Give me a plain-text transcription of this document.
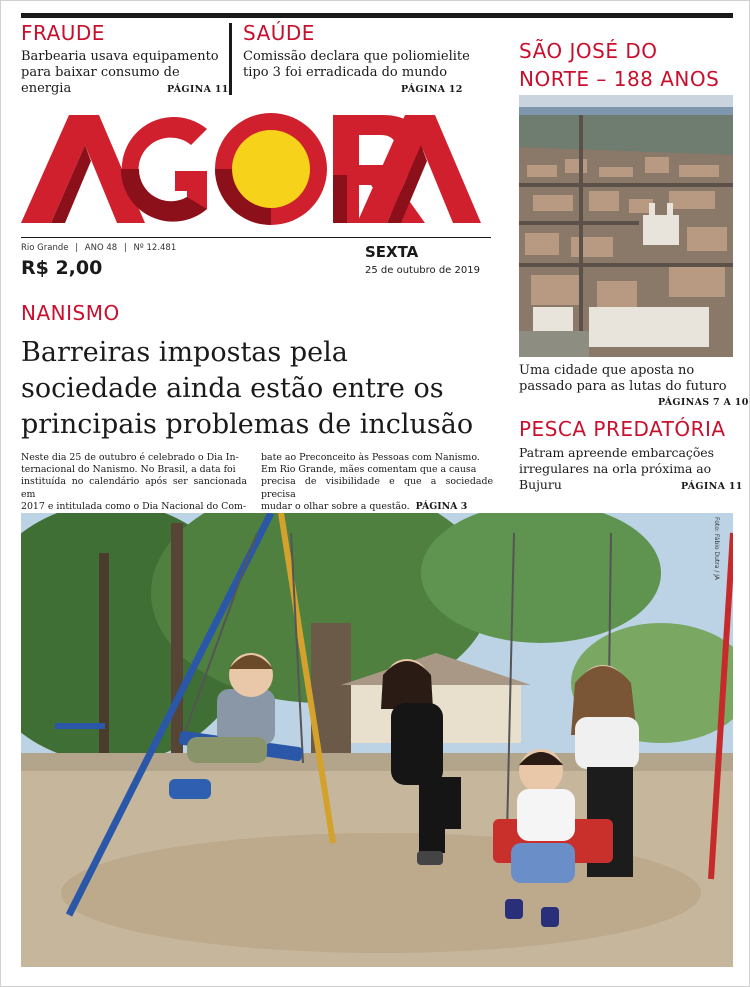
FRAUDE
Barbearia usava equipamento
para baixar consumo de energia	PÁGINA 11
SAÚDE
Comissão declara que poliomielite
tipo 3 foi erradicada do mundo
PÁGINA 12
Rio Grande | ANO 48 | Nº 12.481
R$ 2,00
SEXTA
25 de outubro de 2019
SÃO JOSÉ DO
NORTE – 188 ANOS
Uma cidade que aposta no
passado para as lutas do futuro
PÁGINAS 7 A 10
PESCA PREDATÓRIA
Patram apreende embarcações
irregulares na orla próxima ao Bujuru	PÁGINA 11
NANISMO
Barreiras impostas pela
sociedade ainda estão entre os
principais problemas de inclusão
Neste dia 25 de outubro é celebrado o Dia In-
ternacional do Nanismo. No Brasil, a data foi
instituída no calendário após ser sancionada em
2017 e intitulada como o Dia Nacional do Com-
bate ao Preconceito às Pessoas com Nanismo.
Em Rio Grande, mães comentam que a causa
precisa de visibilidade e que a sociedade precisa
mudar o olhar sobre a questão. PÁGINA 3
Foto: Fábio Dutra / JA
